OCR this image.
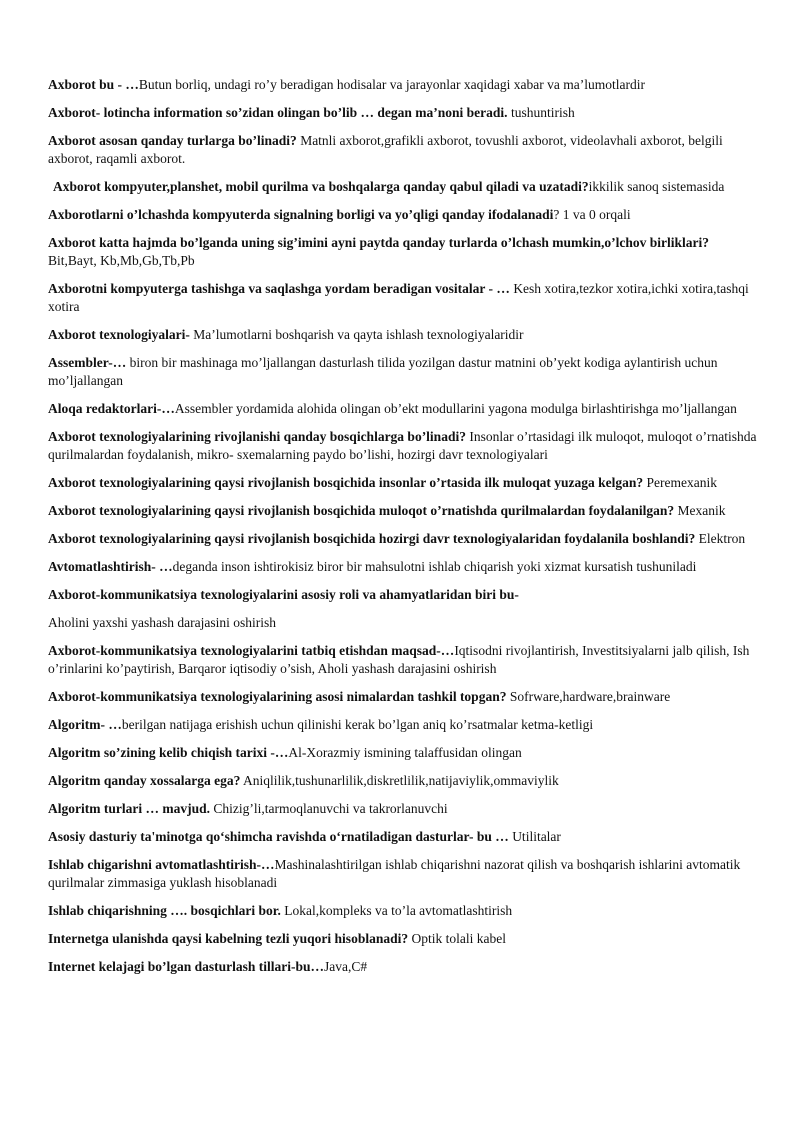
Axborot bu - …Butun borliq, undagi ro’y beradigan hodisalar va jarayonlar xaqidagi xabar va ma’lumotlardir

Axborot- lotincha information so’zidan olingan bo’lib … degan ma’noni beradi. tushuntirish

Axborot asosan qanday turlarga bo’linadi? Matnli axborot,grafikli axborot, tovushli axborot, videolavhali axborot, belgili axborot, raqamli axborot.

Axborot kompyuter,planshet, mobil qurilma va boshqalarga qanday qabul qiladi va uzatadi?ikkilik sanoq sistemasida

Axborotlarni o’lchashda kompyuterda signalning borligi va yo’qligi qanday ifodalanadi? 1 va 0 orqali

Axborot katta hajmda bo’lganda uning sig’imini ayni paytda qanday turlarda o’lchash mumkin,o’lchov birliklari? Bit,Bayt, Kb,Mb,Gb,Tb,Pb

Axborotni kompyuterga tashishga va saqlashga yordam beradigan vositalar - … Kesh xotira,tezkor xotira,ichki xotira,tashqi xotira

Axborot texnologiyalari- Ma’lumotlarni boshqarish va qayta ishlash texnologiyalaridir

Assembler-… biron bir mashinaga mo’ljallangan dasturlash tilida yozilgan dastur matnini ob’yekt kodiga aylantirish uchun mo’ljallangan

Aloqa redaktorlari-…Assembler yordamida alohida olingan ob’ekt modullarini yagona modulga birlashtirishga mo’ljallangan

Axborot texnologiyalarining rivojlanishi qanday bosqichlarga bo’linadi? Insonlar o’rtasidagi ilk muloqot, muloqot o’rnatishda qurilmalardan foydalanish, mikro- sxemalarning paydo bo’lishi, hozirgi davr texnologiyalari

Axborot texnologiyalarining qaysi rivojlanish bosqichida insonlar o’rtasida ilk muloqat yuzaga kelgan? Peremexanik

Axborot texnologiyalarining qaysi rivojlanish bosqichida muloqot o’rnatishda qurilmalardan foydalanilgan? Mexanik

Axborot texnologiyalarining qaysi rivojlanish bosqichida hozirgi davr texnologiyalaridan foydalanila boshlandi? Elektron

Avtomatlashtirish- …deganda inson ishtirokisiz biror bir mahsulotni ishlab chiqarish yoki xizmat kursatish tushuniladi

Axborot-kommunikatsiya texnologiyalarini asosiy roli va ahamyatlaridan biri bu-

Aholini yaxshi yashash darajasini oshirish

Axborot-kommunikatsiya texnologiyalarini tatbiq etishdan maqsad-…Iqtisodni rivojlantirish, Investitsiyalarni jalb qilish, Ish o’rinlarini ko’paytirish, Barqaror iqtisodiy o’sish, Aholi yashash darajasini oshirish

Axborot-kommunikatsiya texnologiyalarining asosi nimalardan tashkil topgan? Sofrware,hardware,brainware

Algoritm- …berilgan natijaga erishish uchun qilinishi kerak bo’lgan aniq ko’rsatmalar ketma-ketligi

Algoritm so’zining kelib chiqish tarixi -…Al-Xorazmiy ismining talaffusidan olingan

Algoritm qanday xossalarga ega? Aniqlilik,tushunarlilik,diskretlilik,natijaviylik,ommaviylik

Algoritm turlari … mavjud. Chizig’li,tarmoqlanuvchi va takrorlanuvchi

Asosiy dasturiy ta'minotga qo‘shimcha ravishda o‘rnatiladigan dasturlar- bu … Utilitalar

Ishlab chigarishni avtomatlashtirish-…Mashinalashtirilgan ishlab chiqarishni nazorat qilish va boshqarish ishlarini avtomatik qurilmalar zimmasiga yuklash hisoblanadi

Ishlab chiqarishning …. bosqichlari bor. Lokal,kompleks va to’la avtomatlashtirish

Internetga ulanishda qaysi kabelning tezli yuqori hisoblanadi? Optik tolali kabel

Internet kelajagi bo’lgan dasturlash tillari-bu…Java,C#
